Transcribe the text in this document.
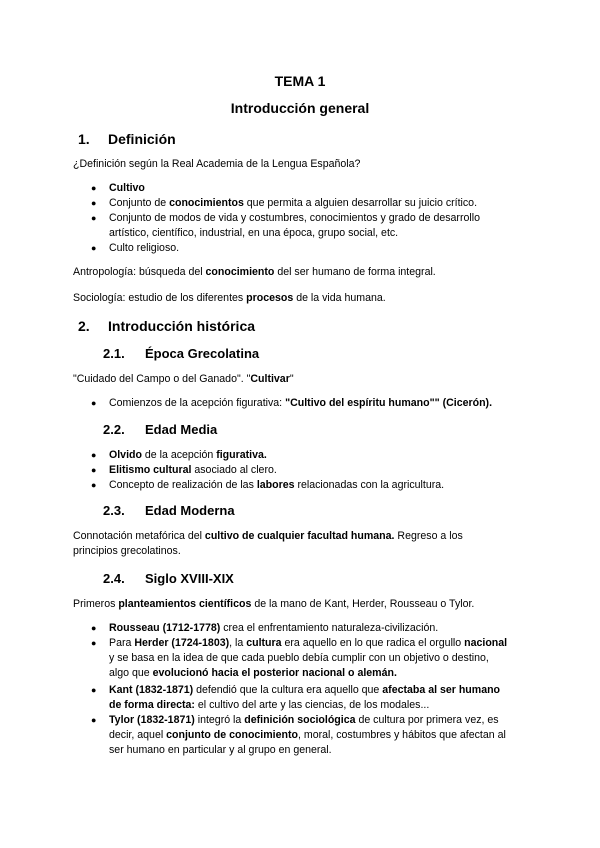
TEMA 1
Introducción general
1. Definición
¿Definición según la Real Academia de la Lengua Española?
● Cultivo
● Conjunto de conocimientos que permita a alguien desarrollar su juicio crítico.
● Conjunto de modos de vida y costumbres, conocimientos y grado de desarrollo
artístico, científico, industrial, en una época, grupo social, etc.
● Culto religioso.
Antropología: búsqueda del conocimiento del ser humano de forma integral.
Sociología: estudio de los diferentes procesos de la vida humana.
2. Introducción histórica
2.1. Época Grecolatina
"Cuidado del Campo o del Ganado". "Cultivar"
● Comienzos de la acepción figurativa: "Cultivo del espíritu humano"" (Cicerón).
2.2. Edad Media
● Olvido de la acepción figurativa.
● Elitismo cultural asociado al clero.
● Concepto de realización de las labores relacionadas con la agricultura.
2.3. Edad Moderna
Connotación metafórica del cultivo de cualquier facultad humana. Regreso a los
principios grecolatinos.
2.4. Siglo XVIII-XIX
Primeros planteamientos científicos de la mano de Kant, Herder, Rousseau o Tylor.
● Rousseau (1712-1778) crea el enfrentamiento naturaleza-civilización.
● Para Herder (1724-1803), la cultura era aquello en lo que radica el orgullo nacional
y se basa en la idea de que cada pueblo debía cumplir con un objetivo o destino,
algo que evolucionó hacia el posterior nacional o alemán.
● Kant (1832-1871) defendió que la cultura era aquello que afectaba al ser humano
de forma directa: el cultivo del arte y las ciencias, de los modales...
● Tylor (1832-1871) integró la definición sociológica de cultura por primera vez, es
decir, aquel conjunto de conocimiento, moral, costumbres y hábitos que afectan al
ser humano en particular y al grupo en general.
